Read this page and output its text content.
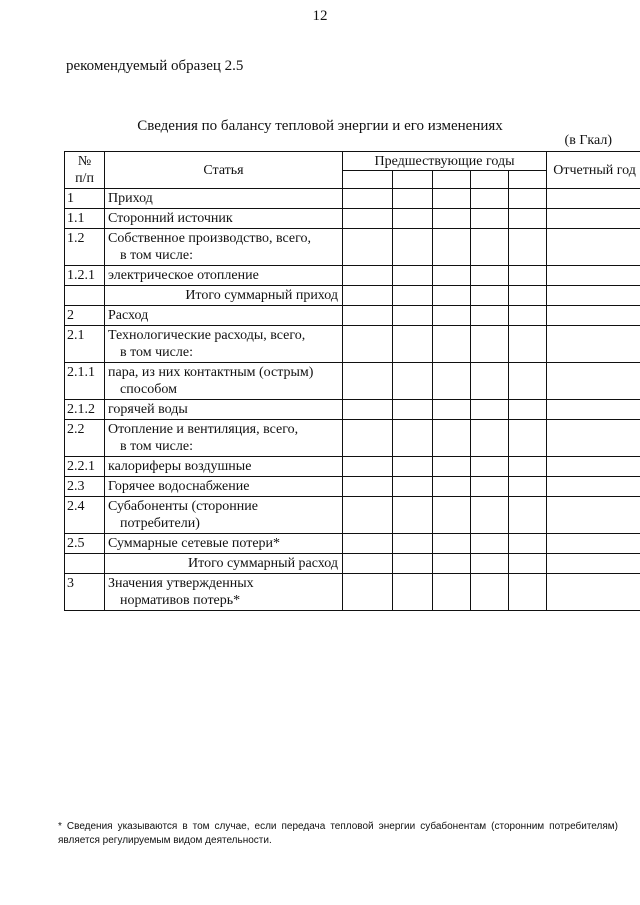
12
рекомендуемый образец 2.5
Сведения по балансу тепловой энергии и его изменениях
(в Гкал)
№
п/п	Статья	Предшествующие годы					Отчетный год

1	Приход						
1.1	Сторонний источник						
1.2	Собственное производство, всего,
в том числе:						
1.2.1	электрическое отопление						
	Итого суммарный приход						
2	Расход						
2.1	Технологические расходы, всего,
в том числе:						
2.1.1	пара, из них контактным (острым)
способом						
2.1.2	горячей воды						
2.2	Отопление и вентиляция, всего,
в том числе:						
2.2.1	калориферы воздушные						
2.3	Горячее водоснабжение						
2.4	Субабоненты (сторонние
потребители)						
2.5	Суммарные сетевые потери*						
	Итого суммарный расход						
3	Значения утвержденных
нормативов потерь*						
* Сведения указываются в том случае, если передача тепловой энергии субабонентам (сторонним потребителям) является регулируемым видом деятельности.
